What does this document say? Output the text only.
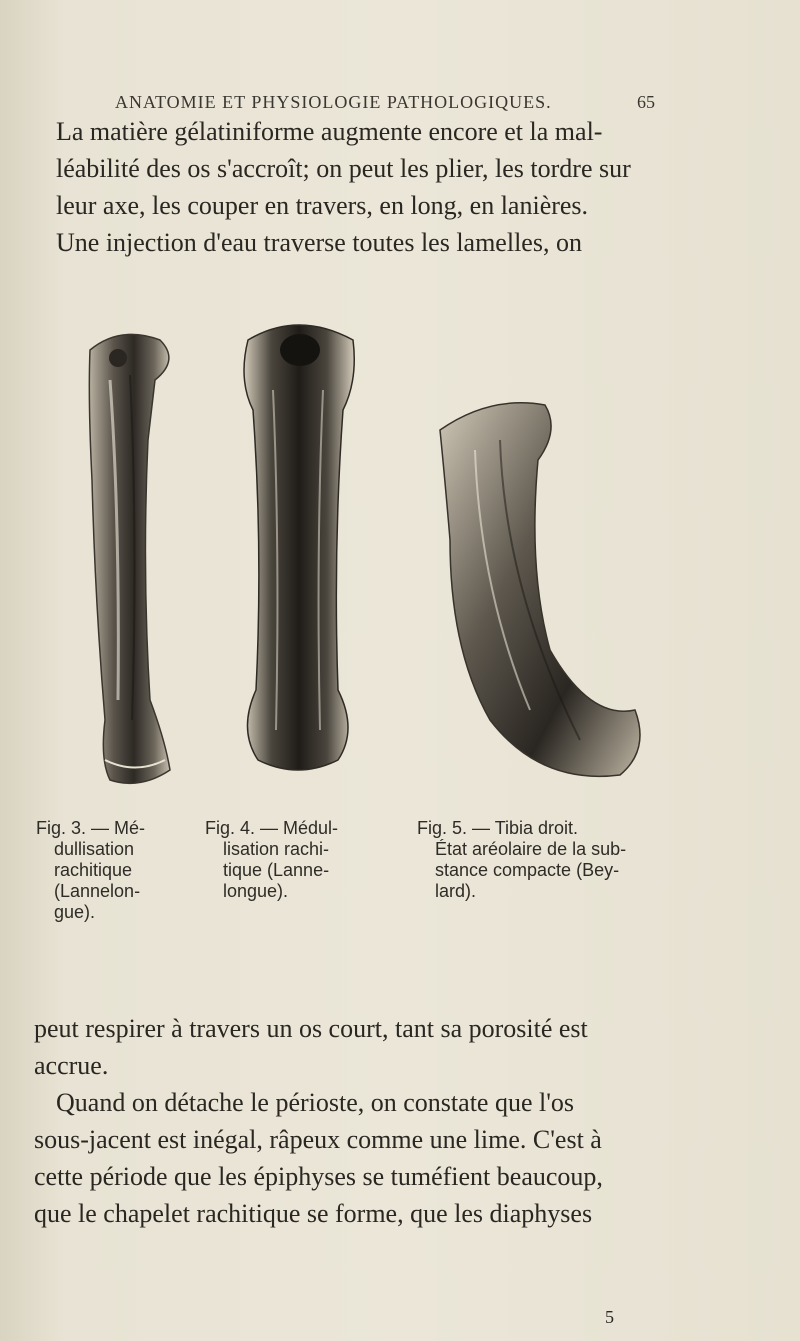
ANATOMIE ET PHYSIOLOGIE PATHOLOGIQUES.	65
La matière gélatiniforme augmente encore et la mal-
léabilité des os s'accroît; on peut les plier, les tordre sur
leur axe, les couper en travers, en long, en lanières.
Une injection d'eau traverse toutes les lamelles, on
Fig. 3. — Mé-
dullisation
rachitique
(Lannelon-
gue).
Fig. 4. — Médul-
lisation rachi-
tique (Lanne-
longue).
Fig. 5. — Tibia droit.
État aréolaire de la sub-
stance compacte (Bey-
lard).
peut respirer à travers un os court, tant sa porosité est
accrue.
Quand on détache le périoste, on constate que l'os
sous-jacent est inégal, râpeux comme une lime. C'est à
cette période que les épiphyses se tuméfient beaucoup,
que le chapelet rachitique se forme, que les diaphyses
5
